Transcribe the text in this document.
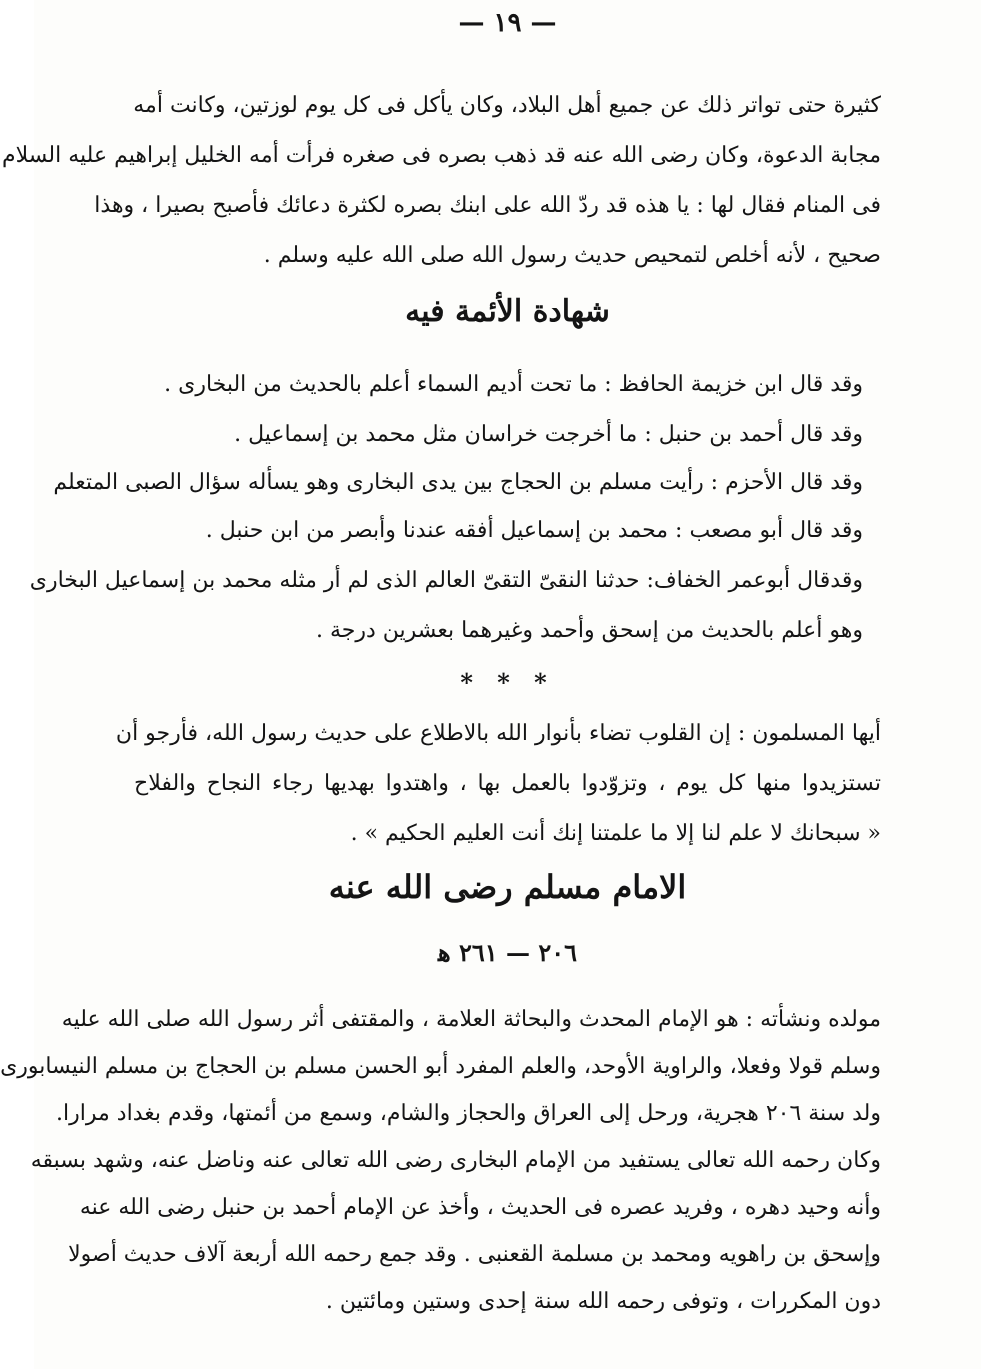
— ١٩ —
كثيرة حتى تواتر ذلك عن جميع أهل البلاد، وكان يأكل فى كل يوم لوزتين، وكانت أمه
مجابة الدعوة، وكان رضى الله عنه قد ذهب بصره فى صغره فرأت أمه الخليل إبراهيم عليه السلام
فى المنام فقال لها : يا هذه قد ردّ الله على ابنك بصره لكثرة دعائك فأصبح بصيرا ، وهذا
صحيح ، لأنه أخلص لتمحيص حديث رسول الله صلى الله عليه وسلم .
شهادة الأئمة فيه
وقد قال ابن خزيمة الحافظ : ما تحت أديم السماء أعلم بالحديث من البخارى .
وقد قال أحمد بن حنبل : ما أخرجت خراسان مثل محمد بن إسماعيل .
وقد قال الأحزم : رأيت مسلم بن الحجاج بين يدى البخارى وهو يسأله سؤال الصبى المتعلم
وقد قال أبو مصعب : محمد بن إسماعيل أفقه عندنا وأبصر من ابن حنبل .
وقدقال أبوعمر الخفاف: حدثنا النقىّ التقىّ العالم الذى لم أر مثله محمد بن إسماعيل البخارى
وهو أعلم بالحديث من إسحق وأحمد وغيرهما بعشرين درجة .
* * *
أيها المسلمون : إن القلوب تضاء بأنوار الله بالاطلاع على حديث رسول الله، فأرجو أن
تستزيدوا منها كل يوم ، وتزوّدوا بالعمل بها ، واهتدوا بهديها رجاء النجاح والفلاح
« سبحانك لا علم لنا إلا ما علمتنا إنك أنت العليم الحكيم » .
الامام مسلم رضى الله عنه
٢٠٦ — ٢٦١ ﻫ
مولده ونشأته : هو الإمام المحدث والبحاثة العلامة ، والمقتفى أثر رسول الله صلى الله عليه
وسلم قولا وفعلا، والراوية الأوحد، والعلم المفرد أبو الحسن مسلم بن الحجاج بن مسلم النيسابورى
ولد سنة ٢٠٦ هجرية، ورحل إلى العراق والحجاز والشام، وسمع من أئمتها، وقدم بغداد مرارا.
وكان رحمه الله تعالى يستفيد من الإمام البخارى رضى الله تعالى عنه وناضل عنه، وشهد بسبقه
وأنه وحيد دهره ، وفريد عصره فى الحديث ، وأخذ عن الإمام أحمد بن حنبل رضى الله عنه
وإسحق بن راهويه ومحمد بن مسلمة القعنبى . وقد جمع رحمه الله أربعة آلاف حديث أصولا
دون المكررات ، وتوفى رحمه الله سنة إحدى وستين ومائتين .
